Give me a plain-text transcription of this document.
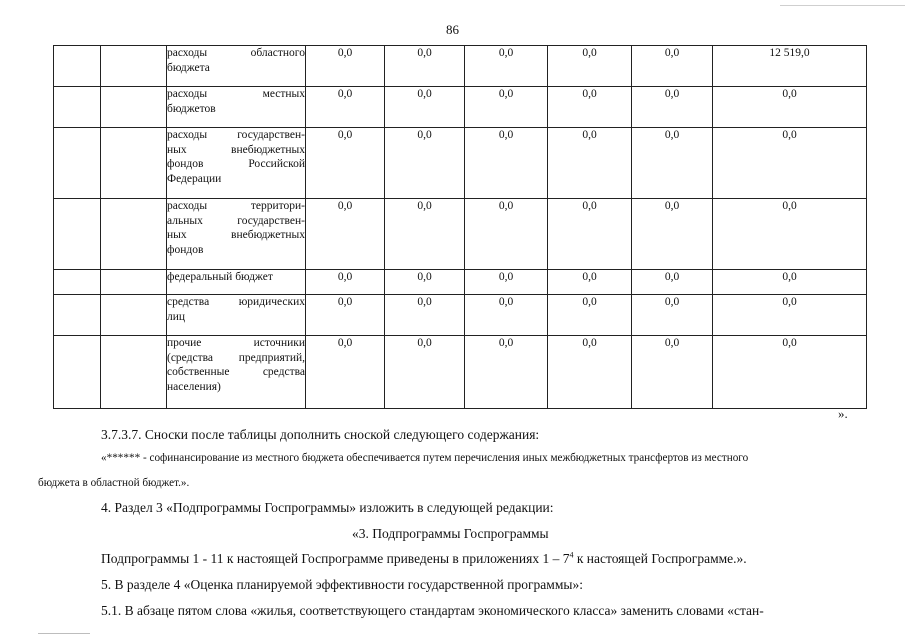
86

		расходы областного
бюджета	0,0	0,0	0,0	0,0	0,0	12 519,0

		расходы местных
бюджетов	0,0	0,0	0,0	0,0	0,0	0,0

		расходы государствен-
ных внебюджетных
фондов Российской
Федерации	0,0	0,0	0,0	0,0	0,0	0,0

		расходы территори-
альных государствен-
ных внебюджетных
фондов	0,0	0,0	0,0	0,0	0,0	0,0

		федеральный бюджет	0,0	0,0	0,0	0,0	0,0	0,0

		средства юридических
лиц	0,0	0,0	0,0	0,0	0,0	0,0

		прочие источники
(средства предприятий,
собственные средства
населения)	0,0	0,0	0,0	0,0	0,0	0,0
».
3.7.3.7. Сноски после таблицы дополнить сноской следующего содержания:
«****** - софинансирование из местного бюджета обеспечивается путем перечисления иных межбюджетных трансфертов из местного
бюджета в областной бюджет.».
4. Раздел 3 «Подпрограммы Госпрограммы» изложить в следующей редакции:
«3. Подпрограммы Госпрограммы
Подпрограммы 1 - 11 к настоящей Госпрограмме приведены в приложениях $1 - 7^4$ к настоящей Госпрограмме.».
5. В разделе 4 «Оценка планируемой эффективности государственной программы»:
5.1. В абзаце пятом слова «жилья, соответствующего стандартам экономического класса» заменить словами «стан-
